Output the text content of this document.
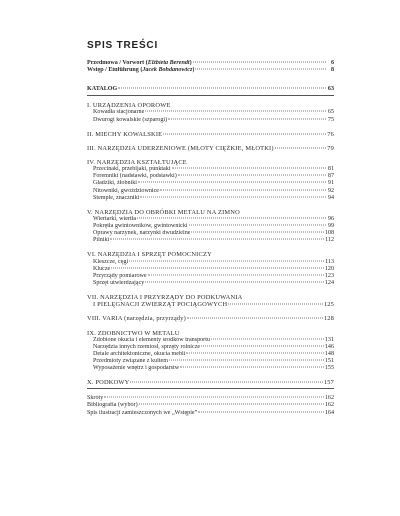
SPIS TREŚCI
Przedmowa / Vorwort (Elżbieta Berendt)	6
Wstęp / Einführung (Jacek Bohdanowicz)	8
KATALOG	63
I. URZĄDZENIA OPOROWE
Kowadła stacjonarne	65
Dwurogi kowalskie (szparogi)	75
II. MIECHY KOWALSKIE	76
III. NARZĘDZIA UDERZENIOWE (MŁOTY CIĘŻKIE, MŁOTKI)	79
IV. NARZĘDZIA KSZTAŁTUJĄCE
Przecinaki, przebijaki, punktaki	81
Foremniki (nadstawki, podstawki)	87
Gładziki, żłobniki	91
Nitowniki, gwoździownice	92
Stemple, znaczniki	94
V. NARZĘDZIA DO OBRÓBKI METALU NA ZIMNO
Wiertarki, wiertła	96
Pokrętła gwintowników, gwintownicki	99
Oprawy narzynek, narzynki dwudzielne	108
Pilniki	112
VI. NARZĘDZIA I SPRZĘT POMOCNICZY
Kleszcze, cęgi	113
Klucze	120
Przyrządy pomiarowe	123
Sprzęt utwierdzający	124
VII. NARZĘDZIA I PRZYRZĄDY DO PODKUWANIA
I PIELĘGNACJI ZWIERZĄT POCIĄGOWYCH	125
VIII. VARIA (narzędzia, przyrządy)	128
IX. ZDOBNICTWO W METALU
Zdobione okucia i elementy środków transportu	131
Narzędzia innych rzemiosł, sprzęty rolnicze	146
Detale architektoniczne, okucia mebli	148
Przedmioty związane z kultem	151
Wyposażenie wnętrz i gospodarstw	155
X. PODKOWY	157
Skróty	162
Bibliografia (wybór)	162
Spis ilustracji zamieszczonych we „Wstępie”	164
